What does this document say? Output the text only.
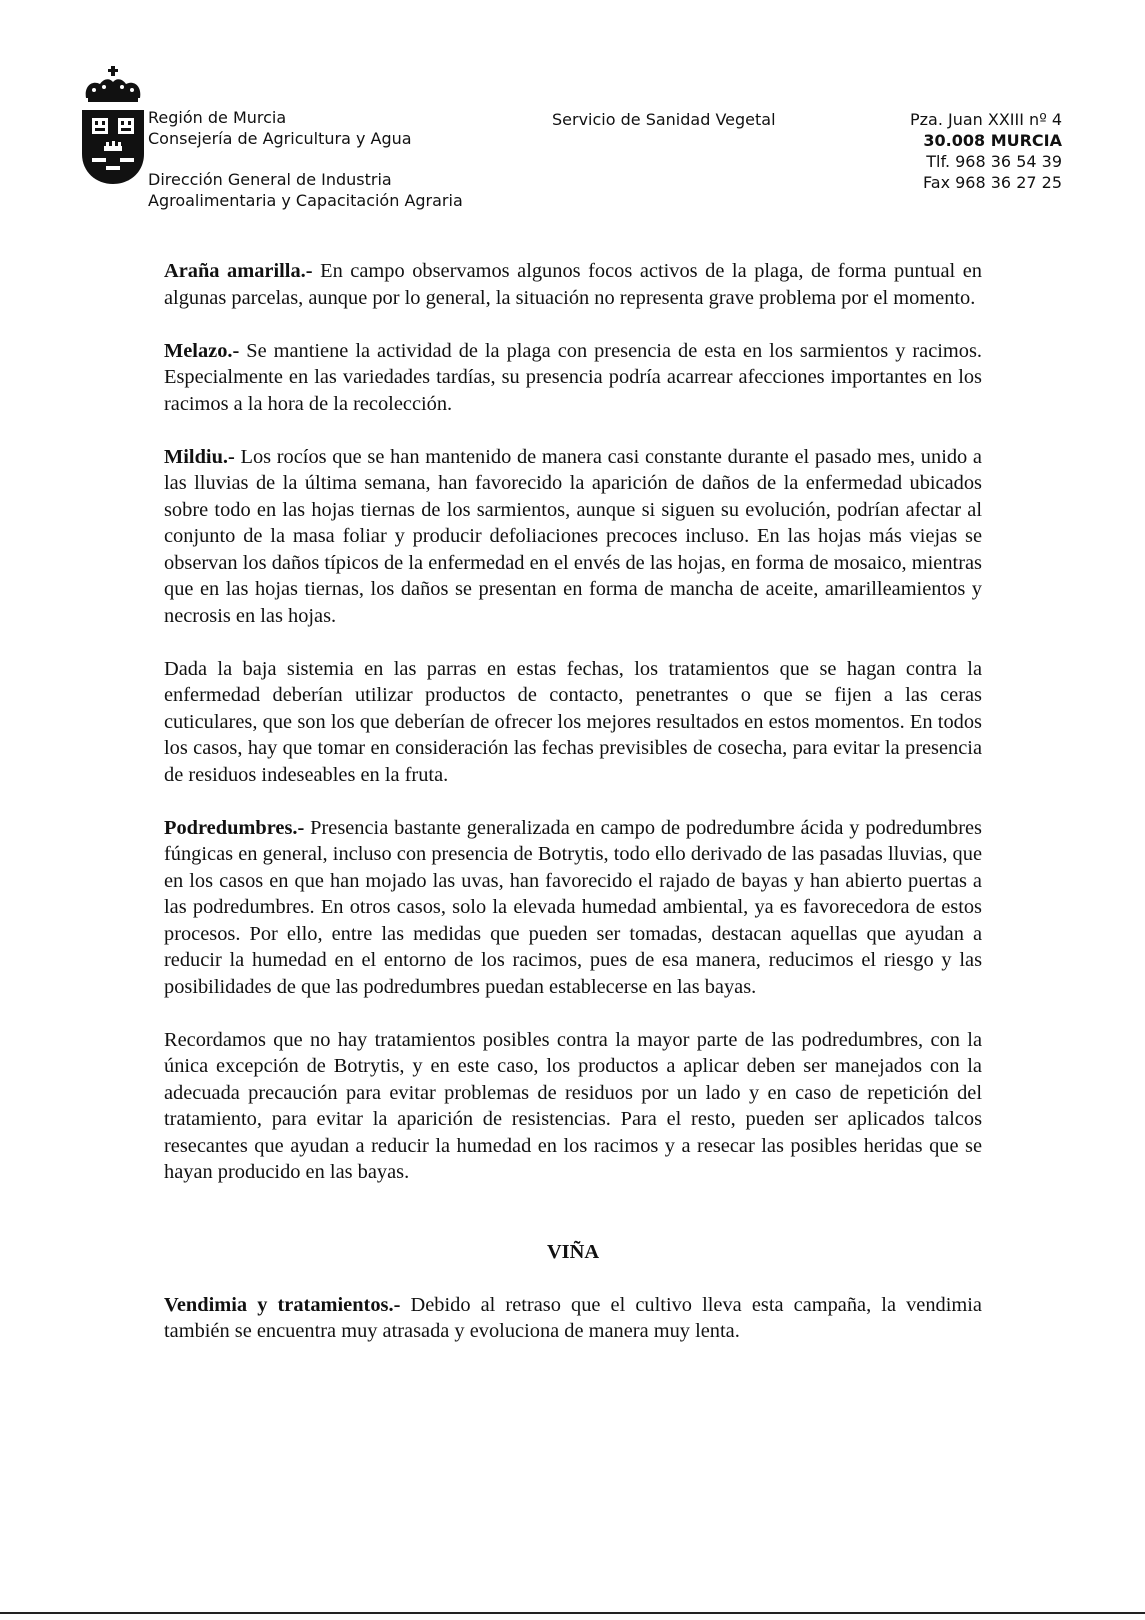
Región de Murcia
Consejería de Agricultura y Agua
Dirección General de Industria
Agroalimentaria y Capacitación Agraria
Servicio de Sanidad Vegetal	Pza. Juan XXIII nº 4
30.008 MURCIA
Tlf. 968 36 54 39
Fax 968 36 27 25

Araña amarilla.- En campo observamos algunos focos activos de la plaga, de forma puntual en algunas parcelas, aunque por lo general, la situación no representa grave problema por el momento.

Melazo.- Se mantiene la actividad de la plaga con presencia de esta en los sarmientos y racimos. Especialmente en las variedades tardías, su presencia podría acarrear afecciones importantes en los racimos a la hora de la recolección.

Mildiu.- Los rocíos que se han mantenido de manera casi constante durante el pasado mes, unido a las lluvias de la última semana, han favorecido la aparición de daños de la enfermedad ubicados sobre todo en las hojas tiernas de los sarmientos, aunque si siguen su evolución, podrían afectar al conjunto de la masa foliar y producir defoliaciones precoces incluso. En las hojas más viejas se observan los daños típicos de la enfermedad en el envés de las hojas, en forma de mosaico, mientras que en las hojas tiernas, los daños se presentan en forma de mancha de aceite, amarilleamientos y necrosis en las hojas.

Dada la baja sistemia en las parras en estas fechas, los tratamientos que se hagan contra la enfermedad deberían utilizar productos de contacto, penetrantes o que se fijen a las ceras cuticulares, que son los que deberían de ofrecer los mejores resultados en estos momentos. En todos los casos, hay que tomar en consideración las fechas previsibles de cosecha, para evitar la presencia de residuos indeseables en la fruta.

Podredumbres.- Presencia bastante generalizada en campo de podredumbre ácida y podredumbres fúngicas en general, incluso con presencia de Botrytis, todo ello derivado de las pasadas lluvias, que en los casos en que han mojado las uvas, han favorecido el rajado de bayas y han abierto puertas a las podredumbres. En otros casos, solo la elevada humedad ambiental, ya es favorecedora de estos procesos. Por ello, entre las medidas que pueden ser tomadas, destacan aquellas que ayudan a reducir la humedad en el entorno de los racimos, pues de esa manera, reducimos el riesgo y las posibilidades de que las podredumbres puedan establecerse en las bayas.

Recordamos que no hay tratamientos posibles contra la mayor parte de las podredumbres, con la única excepción de Botrytis, y en este caso, los productos a aplicar deben ser manejados con la adecuada precaución para evitar problemas de residuos por un lado y en caso de repetición del tratamiento, para evitar la aparición de resistencias. Para el resto, pueden ser aplicados talcos resecantes que ayudan a reducir la humedad en los racimos y a resecar las posibles heridas que se hayan producido en las bayas.

VIÑA

Vendimia y tratamientos.- Debido al retraso que el cultivo lleva esta campaña, la vendimia también se encuentra muy atrasada y evoluciona de manera muy lenta.
